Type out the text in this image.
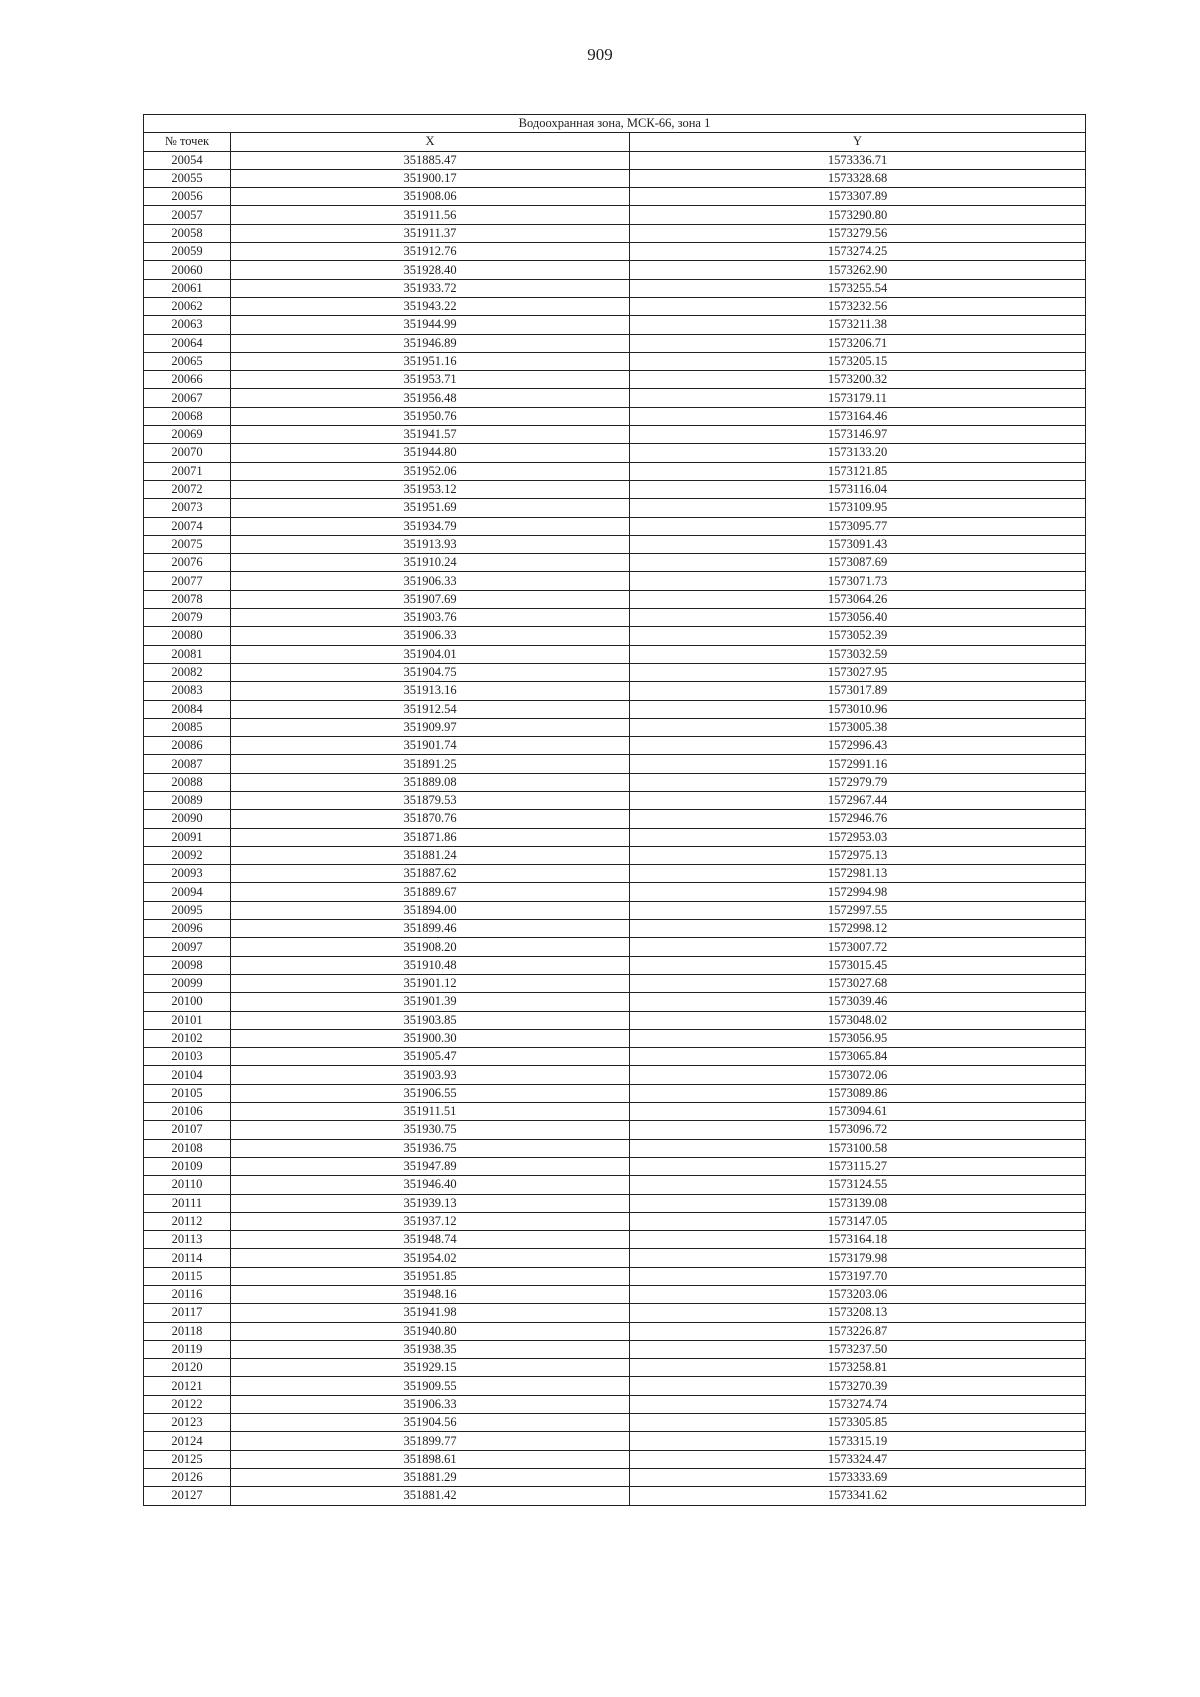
909
Водоохранная зона, МСК-66, зона 1		
№ точек	X	Y
20054	351885.47	1573336.71
20055	351900.17	1573328.68
20056	351908.06	1573307.89
20057	351911.56	1573290.80
20058	351911.37	1573279.56
20059	351912.76	1573274.25
20060	351928.40	1573262.90
20061	351933.72	1573255.54
20062	351943.22	1573232.56
20063	351944.99	1573211.38
20064	351946.89	1573206.71
20065	351951.16	1573205.15
20066	351953.71	1573200.32
20067	351956.48	1573179.11
20068	351950.76	1573164.46
20069	351941.57	1573146.97
20070	351944.80	1573133.20
20071	351952.06	1573121.85
20072	351953.12	1573116.04
20073	351951.69	1573109.95
20074	351934.79	1573095.77
20075	351913.93	1573091.43
20076	351910.24	1573087.69
20077	351906.33	1573071.73
20078	351907.69	1573064.26
20079	351903.76	1573056.40
20080	351906.33	1573052.39
20081	351904.01	1573032.59
20082	351904.75	1573027.95
20083	351913.16	1573017.89
20084	351912.54	1573010.96
20085	351909.97	1573005.38
20086	351901.74	1572996.43
20087	351891.25	1572991.16
20088	351889.08	1572979.79
20089	351879.53	1572967.44
20090	351870.76	1572946.76
20091	351871.86	1572953.03
20092	351881.24	1572975.13
20093	351887.62	1572981.13
20094	351889.67	1572994.98
20095	351894.00	1572997.55
20096	351899.46	1572998.12
20097	351908.20	1573007.72
20098	351910.48	1573015.45
20099	351901.12	1573027.68
20100	351901.39	1573039.46
20101	351903.85	1573048.02
20102	351900.30	1573056.95
20103	351905.47	1573065.84
20104	351903.93	1573072.06
20105	351906.55	1573089.86
20106	351911.51	1573094.61
20107	351930.75	1573096.72
20108	351936.75	1573100.58
20109	351947.89	1573115.27
20110	351946.40	1573124.55
20111	351939.13	1573139.08
20112	351937.12	1573147.05
20113	351948.74	1573164.18
20114	351954.02	1573179.98
20115	351951.85	1573197.70
20116	351948.16	1573203.06
20117	351941.98	1573208.13
20118	351940.80	1573226.87
20119	351938.35	1573237.50
20120	351929.15	1573258.81
20121	351909.55	1573270.39
20122	351906.33	1573274.74
20123	351904.56	1573305.85
20124	351899.77	1573315.19
20125	351898.61	1573324.47
20126	351881.29	1573333.69
20127	351881.42	1573341.62
